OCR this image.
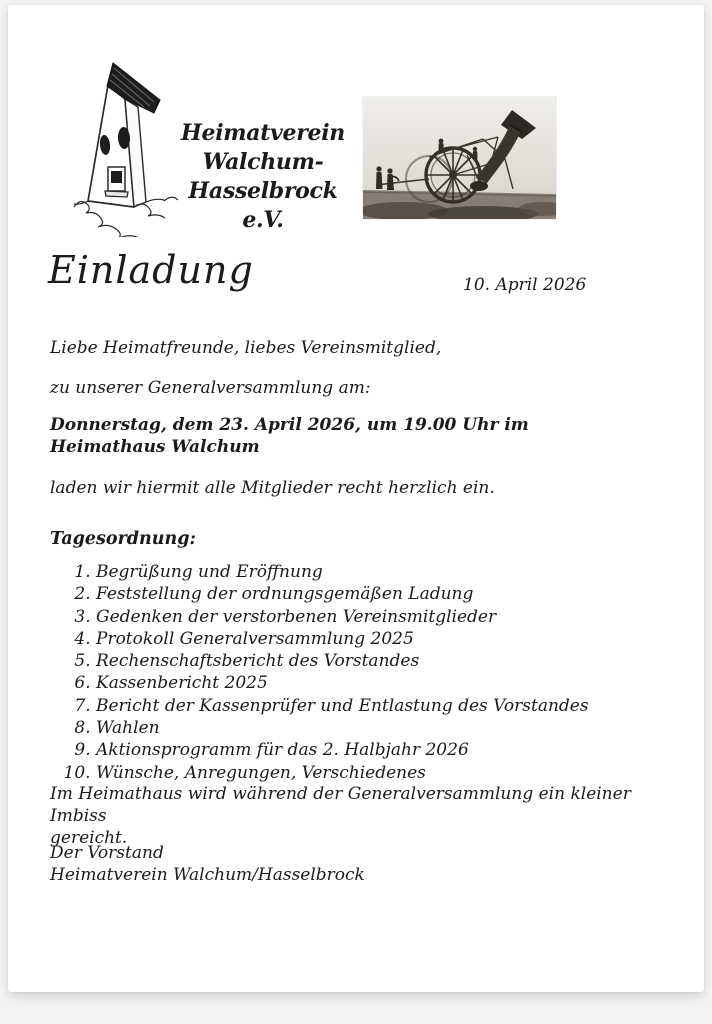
Heimatverein
Walchum-Hasselbrock
e.V.
Einladung	10. April 2026

Liebe Heimatfreunde, liebes Vereinsmitglied,

zu unserer Generalversammlung am:

Donnerstag, dem 23. April 2026, um 19.00 Uhr im
Heimathaus Walchum

laden wir hiermit alle Mitglieder recht herzlich ein.

Tagesordnung:

1. Begrüßung und Eröffnung
2. Feststellung der ordnungsgemäßen Ladung
3. Gedenken der verstorbenen Vereinsmitglieder
4. Protokoll Generalversammlung 2025
5. Rechenschaftsbericht des Vorstandes
6. Kassenbericht 2025
7. Bericht der Kassenprüfer und Entlastung des Vorstandes
8. Wahlen
9. Aktionsprogramm für das 2. Halbjahr 2026
10. Wünsche, Anregungen, Verschiedenes

Im Heimathaus wird während der Generalversammlung ein kleiner Imbiss
gereicht.

Der Vorstand
Heimatverein Walchum/Hasselbrock
